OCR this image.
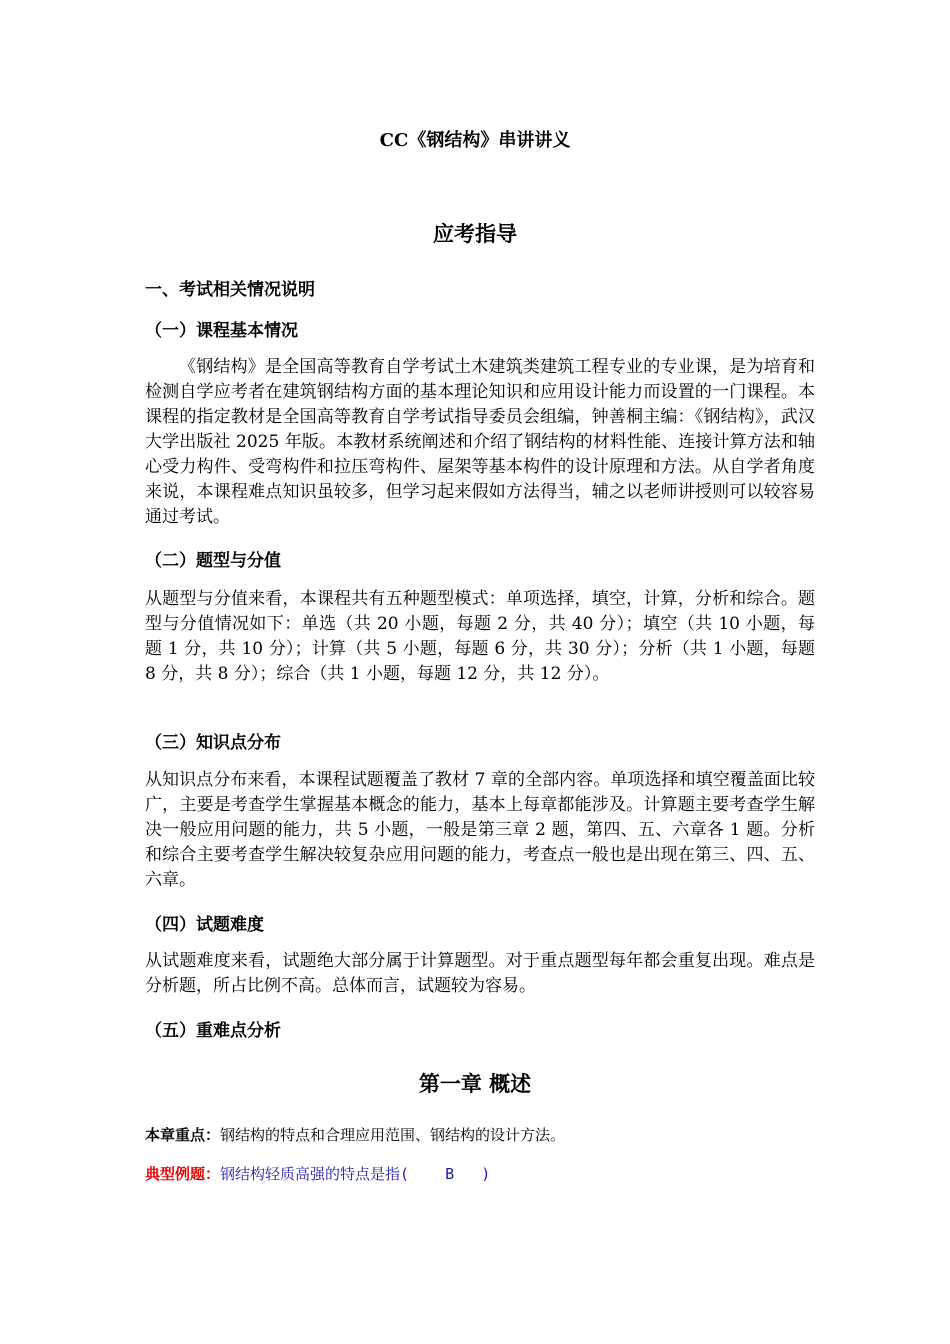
CC《钢结构》串讲讲义
应考指导
一、考试相关情况说明
（一）课程基本情况

《钢结构》是全国高等教育自学考试土木建筑类建筑工程专业的专业课，是为培育和检测自学应考者在建筑钢结构方面的基本理论知识和应用设计能力而设置的一门课程。本课程的指定教材是全国高等教育自学考试指导委员会组编，钟善桐主编：《钢结构》，武汉大学出版社 2025 年版。本教材系统阐述和介绍了钢结构的材料性能、连接计算方法和轴心受力构件、受弯构件和拉压弯构件、屋架等基本构件的设计原理和方法。从自学者角度来说，本课程难点知识虽较多，但学习起来假如方法得当，辅之以老师讲授则可以较容易通过考试。

（二）题型与分值

从题型与分值来看，本课程共有五种题型模式：单项选择，填空，计算，分析和综合。题型与分值情况如下：单选（共 20 小题，每题 2 分，共 40 分）；填空（共 10 小题，每题 1 分，共 10 分）；计算（共 5 小题，每题 6 分，共 30 分）；分析（共 1 小题，每题 8 分，共 8 分）；综合（共 1 小题，每题 12 分，共 12 分）。

（三）知识点分布

从知识点分布来看，本课程试题覆盖了教材 7 章的全部内容。单项选择和填空覆盖面比较广，主要是考查学生掌握基本概念的能力，基本上每章都能涉及。计算题主要考查学生解决一般应用问题的能力，共 5 小题，一般是第三章 2 题，第四、五、六章各 1 题。分析和综合主要考查学生解决较复杂应用问题的能力，考查点一般也是出现在第三、四、五、六章。

（四）试题难度

从试题难度来看，试题绝大部分属于计算题型。对于重点题型每年都会重复出现。难点是分析题，所占比例不高。总体而言，试题较为容易。

（五）重难点分析
第一章 概述
本章重点：钢结构的特点和合理应用范围、钢结构的设计方法。
典型例题：钢结构轻质高强的特点是指(    B   )
